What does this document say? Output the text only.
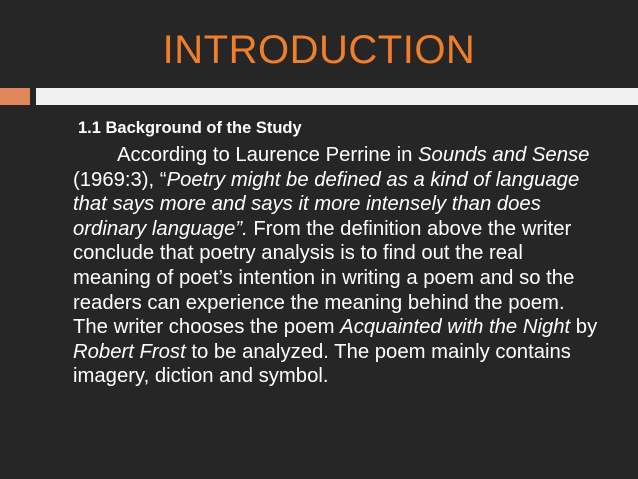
INTRODUCTION
1.1 Background of the Study
According to Laurence Perrine in Sounds and Sense (1969:3), “Poetry might be defined as a kind of language that says more and says it more intensely than does ordinary language”. From the definition above the writer conclude that poetry analysis is to find out the real meaning of poet’s intention in writing a poem and so the readers can experience the meaning behind the poem. The writer chooses the poem Acquainted with the Night by Robert Frost to be analyzed. The poem mainly contains imagery, diction and symbol.
